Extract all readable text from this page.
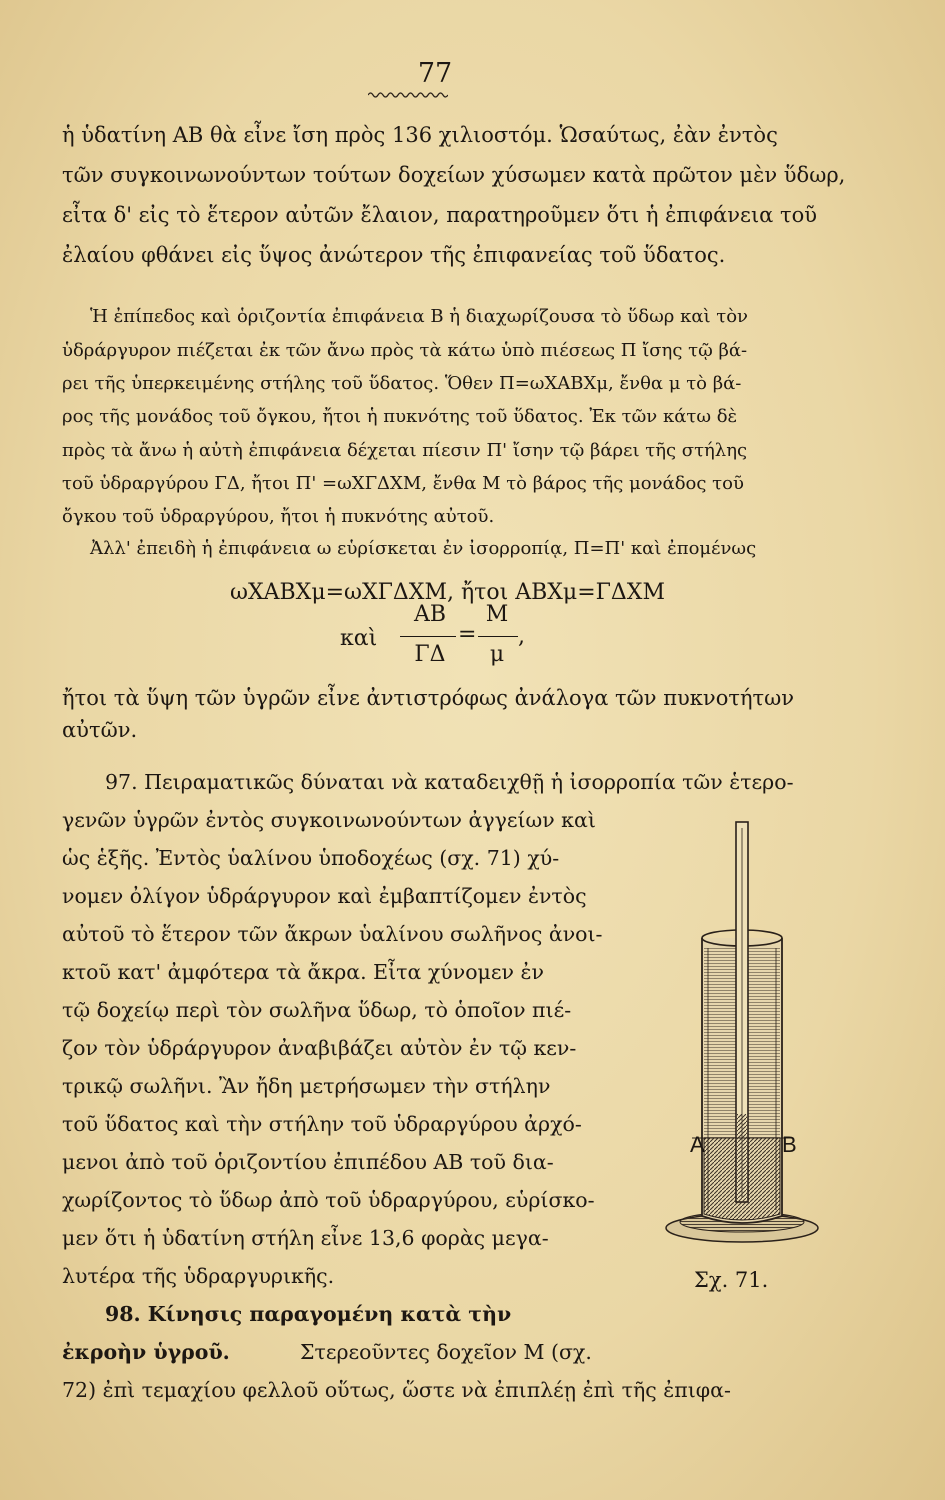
77
ἡ ὑδατίνη ΑΒ θὰ εἶνε ἴση πρὸς 136 χιλιοστόμ. Ὡσαύτως, ἐὰν ἐντὸς
τῶν συγκοινωνούντων τούτων δοχείων χύσωμεν κατὰ πρῶτον μὲν ὕδωρ,
εἶτα δ' εἰς τὸ ἕτερον αὐτῶν ἔλαιον, παρατηροῦμεν ὅτι ἡ ἐπιφάνεια τοῦ
ἐλαίου φθάνει εἰς ὕψος ἀνώτερον τῆς ἐπιφανείας τοῦ ὕδατος.
Ἡ ἐπίπεδος καὶ ὁριζοντία ἐπιφάνεια Β ἡ διαχωρίζουσα τὸ ὕδωρ καὶ τὸν
ὑδράργυρον πιέζεται ἐκ τῶν ἄνω πρὸς τὰ κάτω ὑπὸ πιέσεως Π ἴσης τῷ βά-
ρει τῆς ὑπερκειμένης στήλης τοῦ ὕδατος. Ὅθεν Π=ωΧΑΒΧμ, ἔνθα μ τὸ βά-
ρος τῆς μονάδος τοῦ ὄγκου, ἤτοι ἡ πυκνότης τοῦ ὕδατος. Ἐκ τῶν κάτω δὲ
πρὸς τὰ ἄνω ἡ αὐτὴ ἐπιφάνεια δέχεται πίεσιν Π' ἴσην τῷ βάρει τῆς στήλης
τοῦ ὑδραργύρου ΓΔ, ἤτοι Π' =ωΧΓΔΧΜ, ἔνθα Μ τὸ βάρος τῆς μονάδος τοῦ
ὄγκου τοῦ ὑδραργύρου, ἤτοι ἡ πυκνότης αὐτοῦ.
Ἀλλ' ἐπειδὴ ἡ ἐπιφάνεια ω εὑρίσκεται ἐν ἰσορροπίᾳ, Π=Π' καὶ ἐπομένως
ωΧΑΒΧμ=ωΧΓΔΧΜ, ἤτοι ΑΒΧμ=ΓΔΧΜ
καὶ
ΑΒ
ΓΔ
=
Μ
μ
,
ἤτοι τὰ ὕψη τῶν ὑγρῶν εἶνε ἀντιστρόφως ἀνάλογα τῶν πυκνοτήτων
αὐτῶν.
97. Πειραματικῶς δύναται νὰ καταδειχθῇ ἡ ἰσορροπία τῶν ἑτερο-
γενῶν ὑγρῶν ἐντὸς συγκοινωνούντων ἀγγείων καὶ
ὡς ἑξῆς. Ἐντὸς ὑαλίνου ὑποδοχέως (σχ. 71) χύ-
νομεν ὀλίγον ὑδράργυρον καὶ ἐμβαπτίζομεν ἐντὸς
αὐτοῦ τὸ ἕτερον τῶν ἄκρων ὑαλίνου σωλῆνος ἀνοι-
κτοῦ κατ' ἀμφότερα τὰ ἄκρα. Εἶτα χύνομεν ἐν
τῷ δοχείῳ περὶ τὸν σωλῆνα ὕδωρ, τὸ ὁποῖον πιέ-
ζον τὸν ὑδράργυρον ἀναβιβάζει αὐτὸν ἐν τῷ κεν-
τρικῷ σωλῆνι. Ἂν ἤδη μετρήσωμεν τὴν στήλην
τοῦ ὕδατος καὶ τὴν στήλην τοῦ ὑδραργύρου ἀρχό-
μενοι ἀπὸ τοῦ ὁριζοντίου ἐπιπέδου ΑΒ τοῦ δια-
χωρίζοντος τὸ ὕδωρ ἀπὸ τοῦ ὑδραργύρου, εὑρίσκο-
μεν ὅτι ἡ ὑδατίνη στήλη εἶνε 13,6 φορὰς μεγα-
λυτέρα τῆς ὑδραργυρικῆς.
98. Κίνησις παραγομένη κατὰ τὴν
ἐκροὴν ὑγροῦ.	Στερεοῦντες δοχεῖον Μ (σχ.
72) ἐπὶ τεμαχίου φελλοῦ οὕτως, ὥστε νὰ ἐπιπλέῃ ἐπὶ τῆς ἐπιφα-
A	B
Σχ. 71.
